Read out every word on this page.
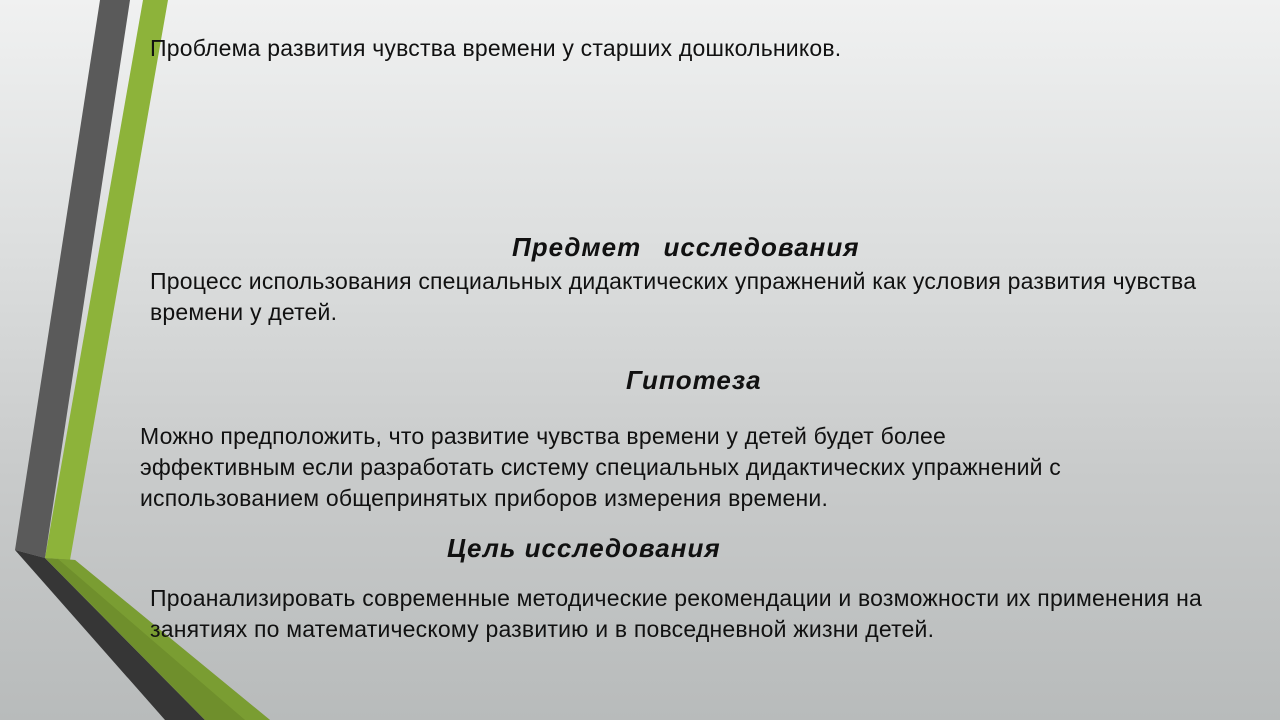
Проблема развития чувства времени у старших дошкольников.
Предмет исследования
Процесс использования специальных дидактических упражнений как условия развития чувства времени у детей.
Гипотеза
Можно предположить, что развитие чувства времени у детей будет более эффективным если разработать систему специальных дидактических упражнений с использованием общепринятых приборов измерения времени.
Цель исследования
Проанализировать современные методические рекомендации и возможности их применения на занятиях по математическому развитию и в повседневной жизни детей.
